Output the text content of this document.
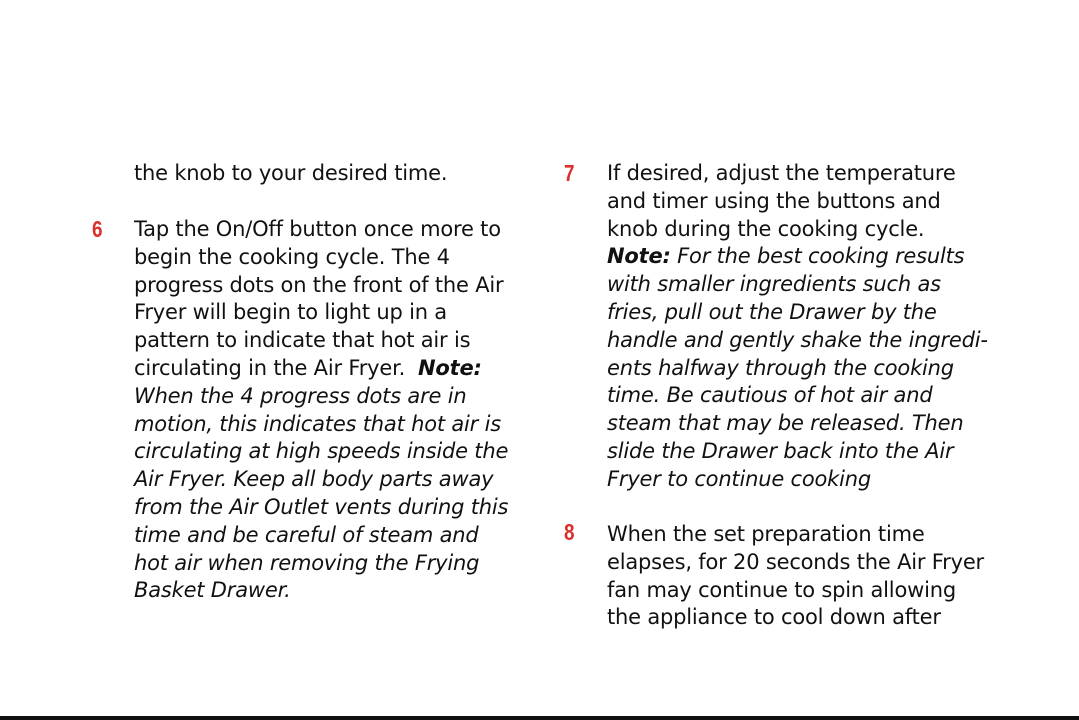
the knob to your desired time.
6 Tap the On/Off button once more to
begin the cooking cycle. The 4
progress dots on the front of the Air
Fryer will begin to light up in a
pattern to indicate that hot air is
circulating in the Air Fryer. Note:
When the 4 progress dots are in
motion, this indicates that hot air is
circulating at high speeds inside the
Air Fryer. Keep all body parts away
from the Air Outlet vents during this
time and be careful of steam and
hot air when removing the Frying
Basket Drawer.
7 If desired, adjust the temperature
and timer using the buttons and
knob during the cooking cycle.
Note: For the best cooking results
with smaller ingredients such as
fries, pull out the Drawer by the
handle and gently shake the ingredi-
ents halfway through the cooking
time. Be cautious of hot air and
steam that may be released. Then
slide the Drawer back into the Air
Fryer to continue cooking
8 When the set preparation time
elapses, for 20 seconds the Air Fryer
fan may continue to spin allowing
the appliance to cool down after
